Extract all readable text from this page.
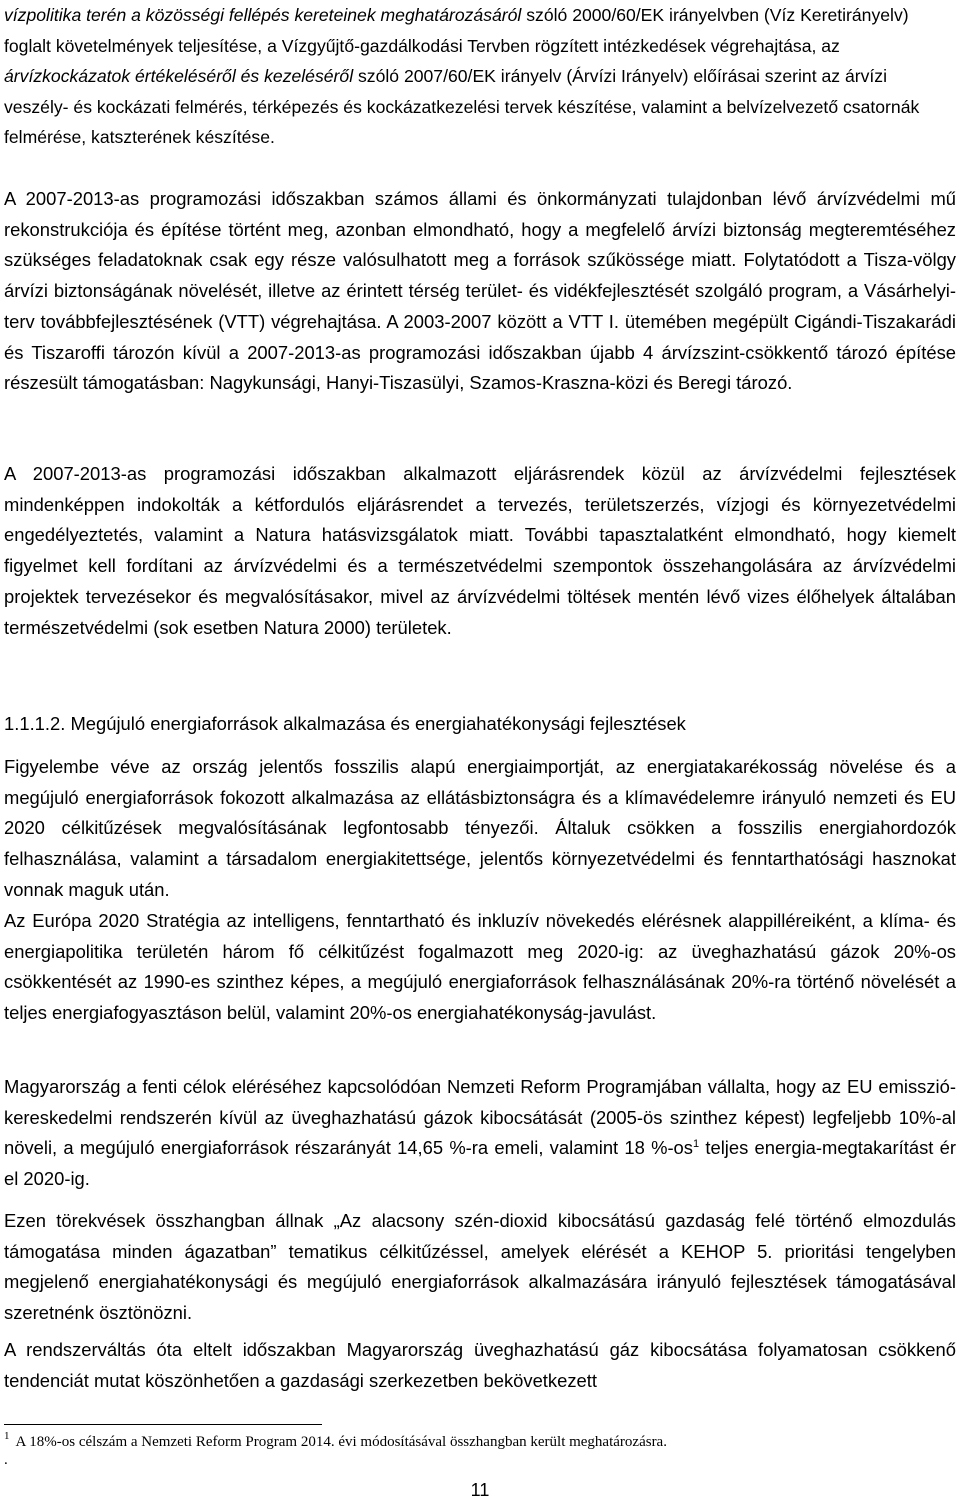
vízpolitika terén a közösségi fellépés kereteinek meghatározásáról szóló 2000/60/EK irányelvben (Víz Keretirányelv) foglalt követelmények teljesítése, a Vízgyűjtő-gazdálkodási Tervben rögzített intézkedések végrehajtása, az árvízkockázatok értékeléséről és kezeléséről szóló 2007/60/EK irányelv (Árvízi Irányelv) előírásai szerint az árvízi veszély- és kockázati felmérés, térképezés és kockázatkezelési tervek készítése, valamint a belvízelvezető csatornák felmérése, katszterének készítése.

A 2007-2013-as programozási időszakban számos állami és önkormányzati tulajdonban lévő árvízvédelmi mű rekonstrukciója és építése történt meg, azonban elmondható, hogy a megfelelő árvízi biztonság megteremtéséhez szükséges feladatoknak csak egy része valósulhatott meg a források szűkössége miatt. Folytatódott a Tisza-völgy árvízi biztonságának növelését, illetve az érintett térség terület- és vidékfejlesztését szolgáló program, a Vásárhelyi-terv továbbfejlesztésének (VTT) végrehajtása. A 2003-2007 között a VTT I. ütemében megépült Cigándi-Tiszakarádi és Tiszaroffi tározón kívül a 2007-2013-as programozási időszakban újabb 4 árvízszint-csökkentő tározó építése részesült támogatásban: Nagykunsági, Hanyi-Tiszasülyi, Szamos-Kraszna-közi és Beregi tározó.

A 2007-2013-as programozási időszakban alkalmazott eljárásrendek közül az árvízvédelmi fejlesztések mindenképpen indokolták a kétfordulós eljárásrendet a tervezés, területszerzés, vízjogi és környezetvédelmi engedélyeztetés, valamint a Natura hatásvizsgálatok miatt. További tapasztalatként elmondható, hogy kiemelt figyelmet kell fordítani az árvízvédelmi és a természetvédelmi szempontok összehangolására az árvízvédelmi projektek tervezésekor és megvalósításakor, mivel az árvízvédelmi töltések mentén lévő vizes élőhelyek általában természetvédelmi (sok esetben Natura 2000) területek.

1.1.1.2. Megújuló energiaforrások alkalmazása és energiahatékonysági fejlesztések

Figyelembe véve az ország jelentős fosszilis alapú energiaimportját, az energiatakarékosság növelése és a megújuló energiaforrások fokozott alkalmazása az ellátásbiztonságra és a klímavédelemre irányuló nemzeti és EU 2020 célkitűzések megvalósításának legfontosabb tényezői. Általuk csökken a fosszilis energiahordozók felhasználása, valamint a társadalom energiakitettsége, jelentős környezetvédelmi és fenntarthatósági hasznokat vonnak maguk után.

Az Európa 2020 Stratégia az intelligens, fenntartható és inkluzív növekedés elérésnek alappilléreiként, a klíma- és energiapolitika területén három fő célkitűzést fogalmazott meg 2020-ig: az üveghazhatású gázok 20%-os csökkentését az 1990-es szinthez képes, a megújuló energiaforrások felhasználásának 20%-ra történő növelését a teljes energiafogyasztáson belül, valamint 20%-os energiahatékonyság-javulást.

Magyarország a fenti célok eléréséhez kapcsolódóan Nemzeti Reform Programjában vállalta, hogy az EU emisszió-kereskedelmi rendszerén kívül az üveghazhatású gázok kibocsátását (2005-ös szinthez képest) legfeljebb 10%-al növeli, a megújuló energiaforrások részarányát 14,65 %-ra emeli, valamint 18 $\%-os^1$ teljes energia-megtakarítást ér el 2020-ig.

Ezen törekvések összhangban állnak „Az alacsony szén-dioxid kibocsátású gazdaság felé történő elmozdulás támogatása minden ágazatban” tematikus célkitűzéssel, amelyek elérését a KEHOP 5. prioritási tengelyben megjelenő energiahatékonysági és megújuló energiaforrások alkalmazására irányuló fejlesztések támogatásával szeretnénk ösztönözni.

A rendszerváltás óta eltelt időszakban Magyarország üveghazhatású gáz kibocsátása folyamatosan csökkenő tendenciát mutat köszönhetően a gazdasági szerkezetben bekövetkezett

$^1$ A 18%-os célszám a Nemzeti Reform Program 2014. évi módosításával összhangban került meghatározásra.
.
11
